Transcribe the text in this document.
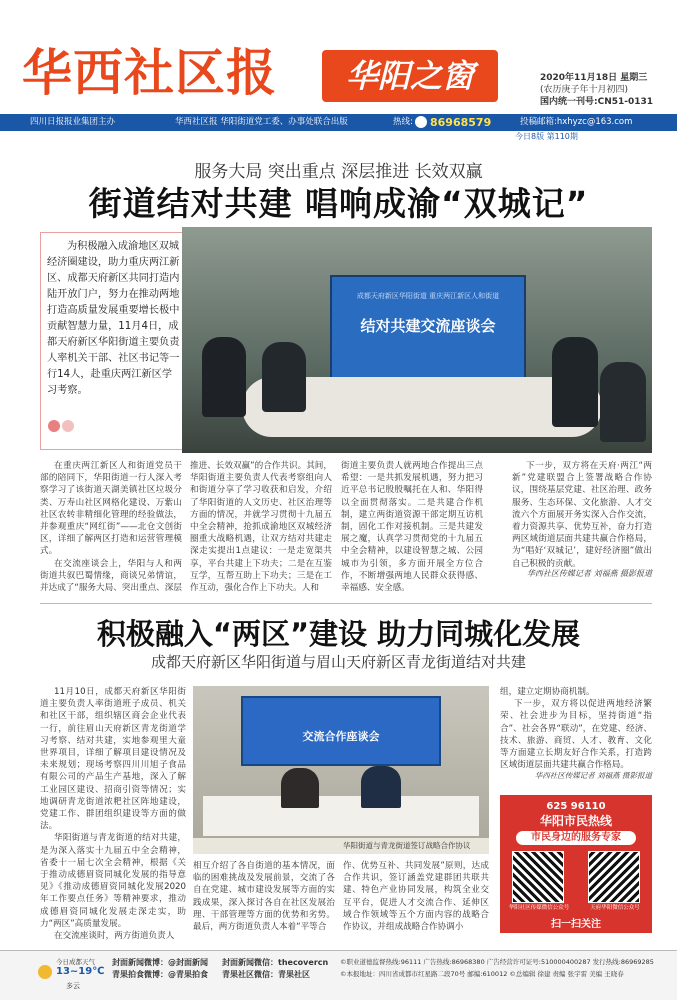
华西社区报	华阳之窗	2020年11月18日 星期三
(农历庚子年十月初四)
国内统一刊号:CN51-0131
四川日报报业集团主办	华西社区报 华阳街道党工委、办事处联合出版	热线: 86968579	投稿邮箱:hxhyzc@163.com
今日8版 第110期
服务大局 突出重点 深层推进 长效双赢
街道结对共建 唱响成渝“双城记”
为积极融入成渝地区双城经济圈建设，助力重庆两江新区、成都天府新区共同打造内陆开放门户，努力在推动两地打造高质量发展重要增长极中贡献智慧力量，11月4日，成都天府新区华阳街道主要负责人率机关干部、社区书记等一行14人，赴重庆两江新区学习考察。
成都天府新区华阳街道 重庆两江新区人和街道
结对共建交流座谈会

在重庆两江新区人和街道党员干部的陪同下，华阳街道一行人深入考察学习了该街道天湖美镇社区垃圾分类、万寿山社区网格化建设、万紫山社区农转非精细化管理的经验做法，并参观重庆“网红街”——北仓文创街区，详细了解两区打造和运营管理模式。

在交流座谈会上，华阳与人和两街道共叙巴蜀情缘，商谈兄弟情谊，并达成了“服务大局、突出重点、深层

推进、长效双赢”的合作共识。其间，华阳街道主要负责人代表考察组向人和街道分享了学习收获和启发，介绍了华阳街道的人文历史、社区治理等方面的情况，并就学习贯彻十九届五中全会精神，抢抓成渝地区双城经济圈重大战略机遇，让双方结对共建走深走实提出1点建议：一是走宽渠共享，平台共建上下功夫；二是在互鉴互学，互帮互助上下功夫；三是在工作互动，强化合作上下功夫。人和
街道主要负责人就两地合作提出三点希望：一是共抓发展机遇，努力把习近平总书记殷殷嘱托在人和、华阳得以全面贯彻落实。二是共建合作机制，建立两街道资源干部定期互访机制，固化工作对接机制。三是共建发展之魔，认真学习贯彻党的十九届五中全会精神，以建设智慧之城、公园城市为引领，多方面开展全方位合作，不断增强两地人民群众获得感、幸福感、安全感。
下一步，双方将在天府·两江“两新”党建联盟合上签署战略合作协议，围绕基层党建、社区治理、政务服务、生态环保、文化旅游、人才交流六个方面展开务实深入合作交流，着力资源共享、优势互补，奋力打造两区域街道层面共建共赢合作格局，为“唱好‘双城记’，建好经济圈”做出自己积极的贡献。
华西社区传媒记者 刘福燕 摄影报道
积极融入“两区”建设 助力同城化发展
成都天府新区华阳街道与眉山天府新区青龙街道结对共建

11月10日，成都天府新区华阳街道主要负责人率街道班子成员、机关和社区干部，组织辖区商会企业代表一行，前往眉山天府新区青龙街道学习考察、结对共建，实地参观里大童世界项目，详细了解项目建设情况及未来规划；现场考察四川川旭子食品有限公司的产品生产基地，深入了解工业园区建设、招商引资等情况；实地调研青龙街道浓粑社区阵地建设，党建工作、群团组织建设等方面的做法。

华阳街道与青龙街道的结对共建，是为深入落实十九届五中全会精神，省委十一届七次全会精神，根据《关于推动成德眉资同城化发展的指导意见》《推动成德眉资同城化发展2020年工作要点任务》等精神要求，推动成德眉资同城化发展走深走实，助力“两区”高质量发展。

在交流座谈时，两方街道负责人

交流合作座谈会
华阳街道与青龙街道签订战略合作协议
相互介绍了各自街道的基本情况，面临的困难挑战及发展前景，交流了各自在党建、城市建设发展等方面的实践成果，深入探讨各自在社区发展治理、干部管理等方面的优势和劣势。最后，两方街道负责人本着“平等合
作、优势互补、共同发展”原则，达成合作共识，签订涵盖党建群团共联共建、特色产业协同发展，构筑全业交互平台，促进人才交流合作、延伸区域合作领域等五个方面内容的战略合作协议，并组成战略合作协调小

组，建立定期协商机制。

下一步，双方将以促进两地经济繁荣、社会进步为目标，坚持街道“指合”、社会各界“联动”，在党建、经济、技术、旅游、商贸、人才、教育、文化等方面建立长期友好合作关系，打造跨区域街道层面共建共赢合作格局。

华西社区传媒记者 刘福燕 摄影报道
625 96110
华阳市民热线
市民身边的服务专家
华阳社区传媒微信公众号	天府华阳微信公众号
扫一扫关注
今日成都天气
13~19℃
多云
封面新闻微博：@封面新闻
青果拍食微博：@青果拍食
封面新闻微信：thecovercn
青果社区微信：青果社区
©职业道德监督热线:96111 广告热线:86968380 广告经营许可证号:510000400287 发行热线:86969285
©本报地址：四川省成都市红星路二段70号 邮编:610012 ©总编辑 徐建 责编 张宇雷 美编 王晓春
